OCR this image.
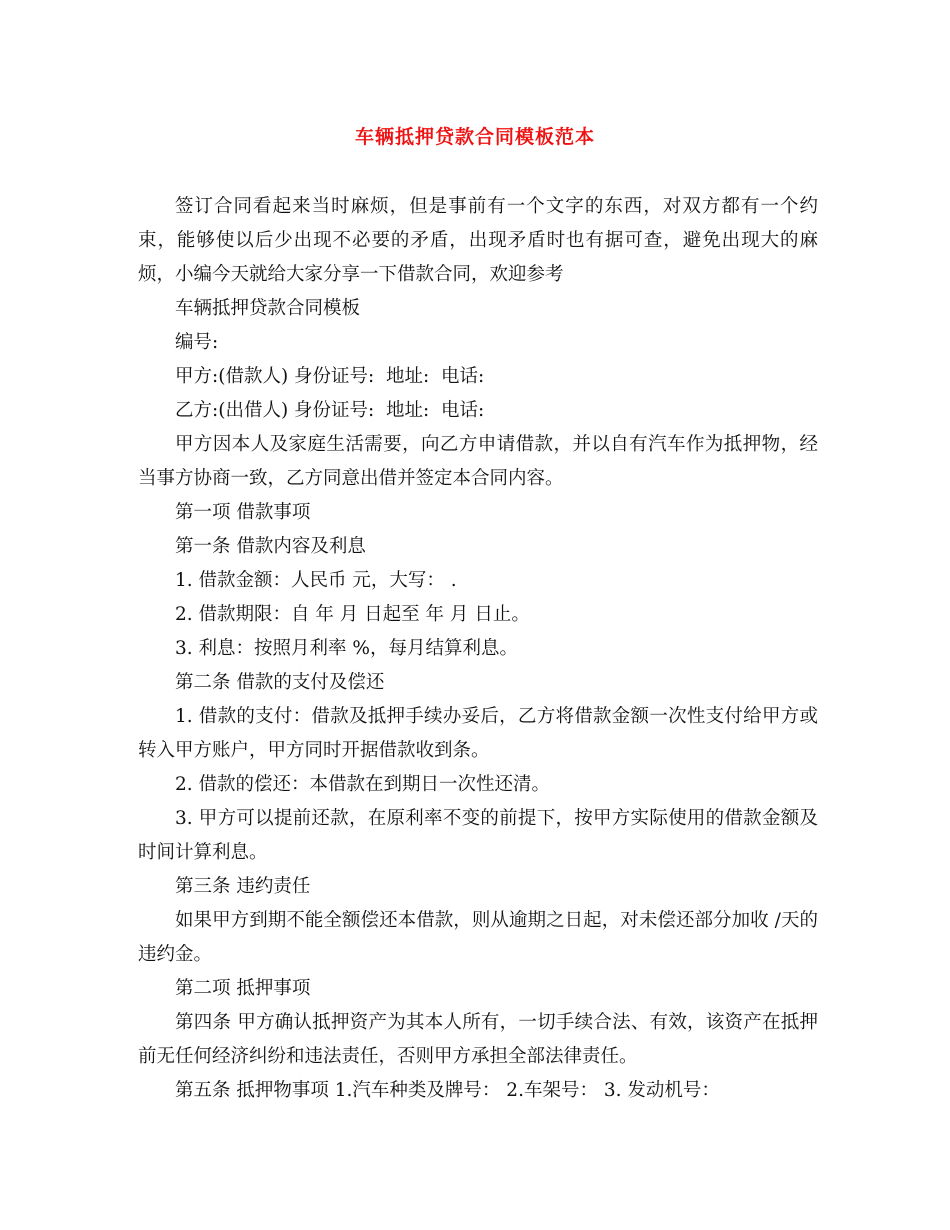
车辆抵押贷款合同模板范本

签订合同看起来当时麻烦，但是事前有一个文字的东西，对双方都有一个约束，能够使以后少出现不必要的矛盾，出现矛盾时也有据可查，避免出现大的麻烦，小编今天就给大家分享一下借款合同，欢迎参考

车辆抵押贷款合同模板

编号:

甲方:(借款人) 身份证号:  地址:  电话:

乙方:(出借人) 身份证号:  地址:  电话:

甲方因本人及家庭生活需要，向乙方申请借款，并以自有汽车作为抵押物，经当事方协商一致，乙方同意出借并签定本合同内容。

第一项 借款事项

第一条 借款内容及利息

1. 借款金额：人民币 元，大写： .

2. 借款期限：自 年 月 日起至 年 月 日止。

3. 利息：按照月利率 %，每月结算利息。

第二条 借款的支付及偿还

1. 借款的支付：借款及抵押手续办妥后，乙方将借款金额一次性支付给甲方或转入甲方账户，甲方同时开据借款收到条。

2. 借款的偿还：本借款在到期日一次性还清。

3. 甲方可以提前还款，在原利率不变的前提下，按甲方实际使用的借款金额及时间计算利息。

第三条 违约责任

如果甲方到期不能全额偿还本借款，则从逾期之日起，对未偿还部分加收 /天的违约金。

第二项 抵押事项

第四条 甲方确认抵押资产为其本人所有，一切手续合法、有效，该资产在抵押前无任何经济纠纷和违法责任，否则甲方承担全部法律责任。

第五条 抵押物事项 1.汽车种类及牌号： 2.车架号： 3. 发动机号：
